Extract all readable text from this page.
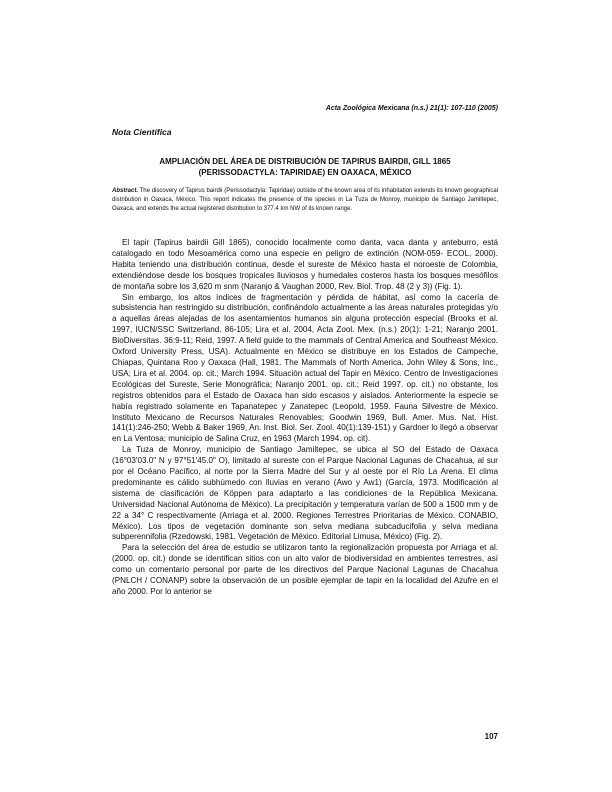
Acta Zoológica Mexicana (n.s.) 21(1): 107-110 (2005)
Nota Científica
AMPLIACIÓN DEL ÁREA DE DISTRIBUCIÓN DE TAPIRUS BAIRDII, GILL 1865
(PERISSODACTYLA: TAPIRIDAE) EN OAXACA, MÉXICO
Abstract. The discovery of Tapirus bairdii (Perissodactyla: Tapiridae) outside of the known area of its inhabitation extends its known geographical distribution in Oaxaca, México. This report indicates the presence of the species in La Tuza de Monroy, municipio de Santiago Jamiltepec, Oaxaca, and extends the actual registered distribution to 377.4 km NW of its known range.

El tapir (Tapirus bairdii Gill 1865), conocido localmente como danta, vaca danta y anteburro, está catalogado en todo Mesoamérica como una especie en peligro de extinción (NOM-059- ECOL, 2000). Habita teniendo una distribución continua, desde el sureste de México hasta el noroeste de Colombia, extendiéndose desde los bosques tropicales lluviosos y humedales costeros hasta los bosques mesófilos de montaña sobre los 3,620 m snm (Naranjo & Vaughan 2000, Rev. Biol. Trop. 48 (2 y 3)) (Fig. 1).

Sin embargo, los altos índices de fragmentación y pérdida de hábitat, así como la cacería de subsistencia han restringido su distribución, confinándolo actualmente a las áreas naturales protegidas y/o a aquellas áreas alejadas de los asentamientos humanos sin alguna protección especial (Brooks et al. 1997, IUCN/SSC Switzerland. 86-105; Lira et al. 2004, Acta Zool. Mex. (n.s.) 20(1): 1-21; Naranjo 2001. BioDiversitas. 36:9-11; Reid, 1997. A field guide to the mammals of Central America and Southeast México. Oxford University Press, USA). Actualmente en México se distribuye en los Estados de Campeche, Chiapas, Quintana Roo y Oaxaca (Hall, 1981. The Mammals of North America. John Wiley & Sons, Inc., USA; Lira et al. 2004. op. cit.; March 1994. Situación actual del Tapir en México. Centro de Investigaciones Ecológicas del Sureste, Serie Monográfica; Naranjo 2001. op. cit.; Reid 1997. op. cit.) no obstante, los registros obtenidos para el Estado de Oaxaca han sido escasos y aislados. Anteriormente la especie se había registrado solamente en Tapanatepec y Zanatepec (Leopold, 1959. Fauna Silvestre de México. Instituto Mexicano de Recursos Naturales Renovables; Goodwin 1969, Bull. Amer. Mus. Nat. Hist. 141(1):246-250; Webb & Baker 1969, An. Inst. Biol. Ser. Zool. 40(1):139-151) y Gardner lo llegó a observar en La Ventosa; municipio de Salina Cruz, en 1963 (March 1994. op. cit).

La Tuza de Monroy, municipio de Santiago Jamiltepec, se ubica al SO del Estado de Oaxaca (16°03'03.0" N y 97°51'45.0" O), limitado al sureste con el Parque Nacional Lagunas de Chacahua, al sur por el Océano Pacífico, al norte por la Sierra Madre del Sur y al oeste por el Río La Arena. El clima predominante es cálido subhúmedo con lluvias en verano (Awo y Aw1) (García, 1973. Modificación al sistema de clasificación de Köppen para adaptarlo a las condiciones de la República Mexicana. Universidad Nacional Autónoma de México). La precipitación y temperatura varían de 500 a 1500 mm y de 22 a 34° C respectivamente (Arriaga et al. 2000. Regiones Terrestres Prioritarias de México. CONABIO, México). Los tipos de vegetación dominante son selva mediana subcaducifolia y selva mediana subperennifolia (Rzedowski, 1981. Vegetación de México. Editorial Limusa, México) (Fig. 2).

Para la selección del área de estudio se utilizaron tanto la regionalización propuesta por Arriaga et al. (2000. op. cit.) donde se identifican sitios con un alto valor de biodiversidad en ambientes terrestres, así como un comentario personal por parte de los directivos del Parque Nacional Lagunas de Chacahua (PNLCH / CONANP) sobre la observación de un posible ejemplar de tapir en la localidad del Azufre en el año 2000. Por lo anterior se

107
